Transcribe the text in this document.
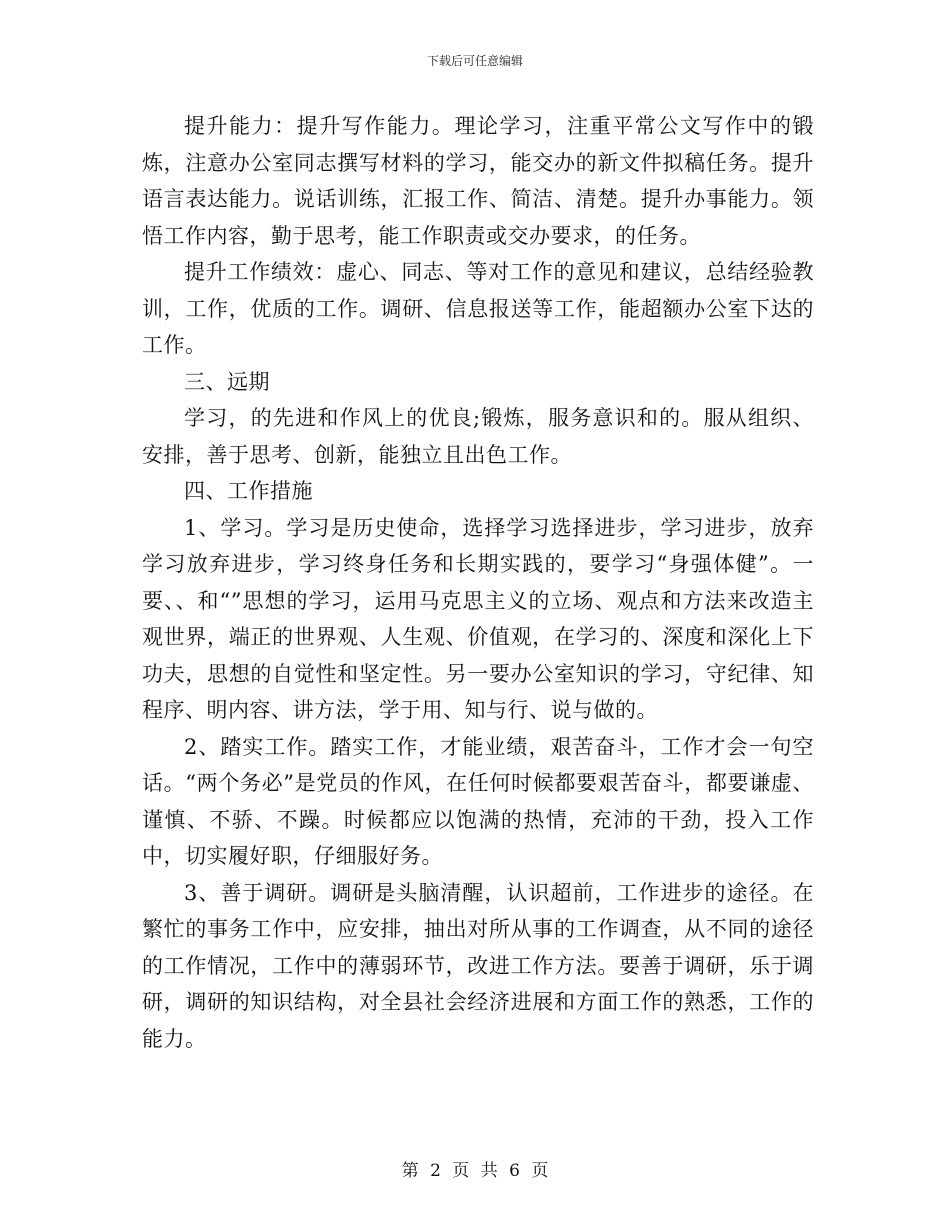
下载后可任意编辑

提升能力：提升写作能力。理论学习，注重平常公文写作中的锻炼，注意办公室同志撰写材料的学习，能交办的新文件拟稿任务。提升语言表达能力。说话训练，汇报工作、简洁、清楚。提升办事能力。领悟工作内容，勤于思考，能工作职责或交办要求，的任务。

提升工作绩效：虚心、同志、等对工作的意见和建议，总结经验教训，工作，优质的工作。调研、信息报送等工作，能超额办公室下达的工作。

三、远期

学习，的先进和作风上的优良;锻炼，服务意识和的。服从组织、安排，善于思考、创新，能独立且出色工作。

四、工作措施

1、学习。学习是历史使命，选择学习选择进步，学习进步，放弃学习放弃进步，学习终身任务和长期实践的，要学习“身强体健”。一要、、和“”思想的学习，运用马克思主义的立场、观点和方法来改造主观世界，端正的世界观、人生观、价值观，在学习的、深度和深化上下功夫，思想的自觉性和坚定性。另一要办公室知识的学习，守纪律、知程序、明内容、讲方法，学于用、知与行、说与做的。

2、踏实工作。踏实工作，才能业绩，艰苦奋斗，工作才会一句空话。“两个务必”是党员的作风，在任何时候都要艰苦奋斗，都要谦虚、谨慎、不骄、不躁。时候都应以饱满的热情，充沛的干劲，投入工作中，切实履好职，仔细服好务。

3、善于调研。调研是头脑清醒，认识超前，工作进步的途径。在繁忙的事务工作中，应安排，抽出对所从事的工作调查，从不同的途径的工作情况，工作中的薄弱环节，改进工作方法。要善于调研，乐于调研，调研的知识结构，对全县社会经济进展和方面工作的熟悉，工作的能力。

第 2 页 共 6 页
